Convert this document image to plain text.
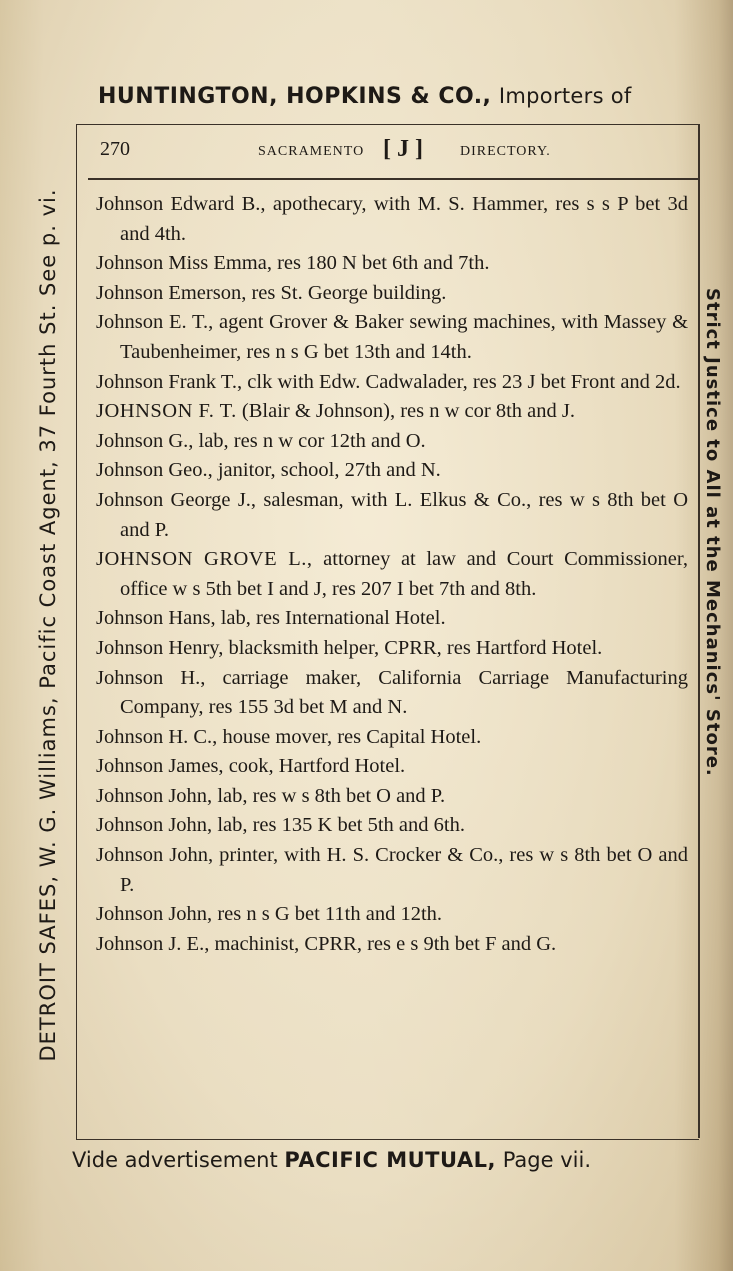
HUNTINGTON, HOPKINS & CO., Importers of
270	SACRAMENTO [ J ]	DIRECTORY.
DETROIT SAFES, W. G. Williams, Pacific Coast Agent, 37 Fourth St. See p. vi.	Strict Justice to All at the Mechanics' Store.

Johnson Edward B., apothecary, with M. S. Hammer, res s s P bet 3d and 4th.

Johnson Miss Emma, res 180 N bet 6th and 7th.

Johnson Emerson, res St. George building.

Johnson E. T., agent Grover & Baker sewing machines, with Massey & Taubenheimer, res n s G bet 13th and 14th.

Johnson Frank T., clk with Edw. Cadwalader, res 23 J bet Front and 2d.

JOHNSON F. T. (Blair & Johnson), res n w cor 8th and J.

Johnson G., lab, res n w cor 12th and O.

Johnson Geo., janitor, school, 27th and N.

Johnson George J., salesman, with L. Elkus & Co., res w s 8th bet O and P.

JOHNSON GROVE L., attorney at law and Court Commissioner, office w s 5th bet I and J, res 207 I bet 7th and 8th.

Johnson Hans, lab, res International Hotel.

Johnson Henry, blacksmith helper, CPRR, res Hartford Hotel.

Johnson H., carriage maker, California Carriage Manufacturing Company, res 155 3d bet M and N.

Johnson H. C., house mover, res Capital Hotel.

Johnson James, cook, Hartford Hotel.

Johnson John, lab, res w s 8th bet O and P.

Johnson John, lab, res 135 K bet 5th and 6th.

Johnson John, printer, with H. S. Crocker & Co., res w s 8th bet O and P.

Johnson John, res n s G bet 11th and 12th.

Johnson J. E., machinist, CPRR, res e s 9th bet F and G.

Vide advertisement PACIFIC MUTUAL, Page vii.
